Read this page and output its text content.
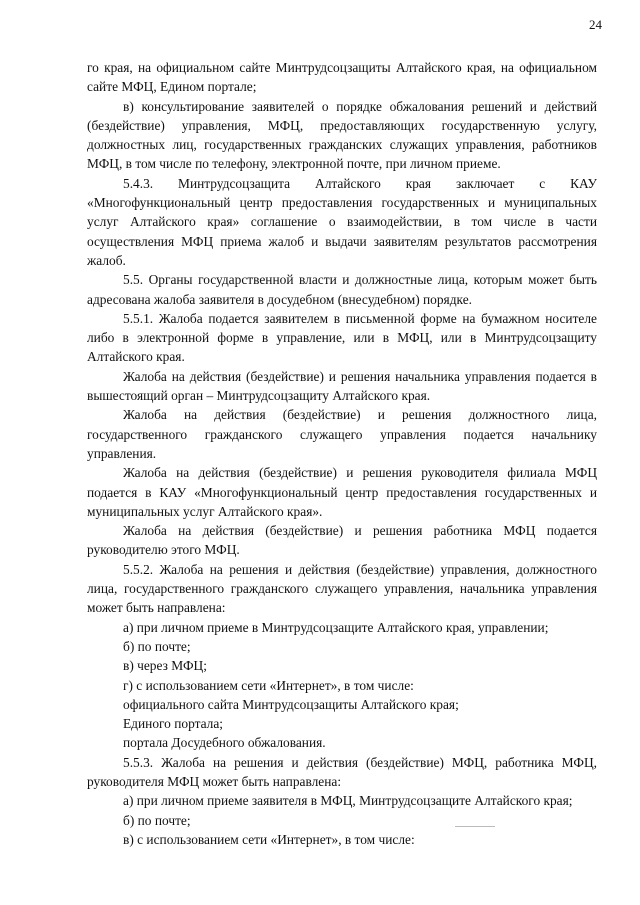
24

го края, на официальном сайте Минтрудсоцзащиты Алтайского края, на официальном сайте МФЦ, Едином портале;

в) консультирование заявителей о порядке обжалования решений и действий (бездействие) управления, МФЦ, предоставляющих государственную услугу, должностных лиц, государственных гражданских служащих управления, работников МФЦ, в том числе по телефону, электронной почте, при личном приеме.

5.4.3. Минтрудсоцзащита Алтайского края заключает с КАУ «Многофункциональный центр предоставления государственных и муниципальных услуг Алтайского края» соглашение о взаимодействии, в том числе в части осуществления МФЦ приема жалоб и выдачи заявителям результатов рассмотрения жалоб.

5.5. Органы государственной власти и должностные лица, которым может быть адресована жалоба заявителя в досудебном (внесудебном) порядке.

5.5.1. Жалоба подается заявителем в письменной форме на бумажном носителе либо в электронной форме в управление, или в МФЦ, или в Минтрудсоцзащиту Алтайского края.

Жалоба на действия (бездействие) и решения начальника управления подается в вышестоящий орган – Минтрудсоцзащиту Алтайского края.

Жалоба на действия (бездействие) и решения должностного лица, государственного гражданского служащего управления подается начальнику управления.

Жалоба на действия (бездействие) и решения руководителя филиала МФЦ подается в КАУ «Многофункциональный центр предоставления государственных и муниципальных услуг Алтайского края».

Жалоба на действия (бездействие) и решения работника МФЦ подается руководителю этого МФЦ.

5.5.2. Жалоба на решения и действия (бездействие) управления, должностного лица, государственного гражданского служащего управления, начальника управления может быть направлена:

а) при личном приеме в Минтрудсоцзащите Алтайского края, управлении;

б) по почте;

в) через МФЦ;

г) с использованием сети «Интернет», в том числе:

официального сайта Минтрудсоцзащиты Алтайского края;

Единого портала;

портала Досудебного обжалования.

5.5.3. Жалоба на решения и действия (бездействие) МФЦ, работника МФЦ, руководителя МФЦ может быть направлена:

а) при личном приеме заявителя в МФЦ, Минтрудсоцзащите Алтайского края;

б) по почте;

в) с использованием сети «Интернет», в том числе:
